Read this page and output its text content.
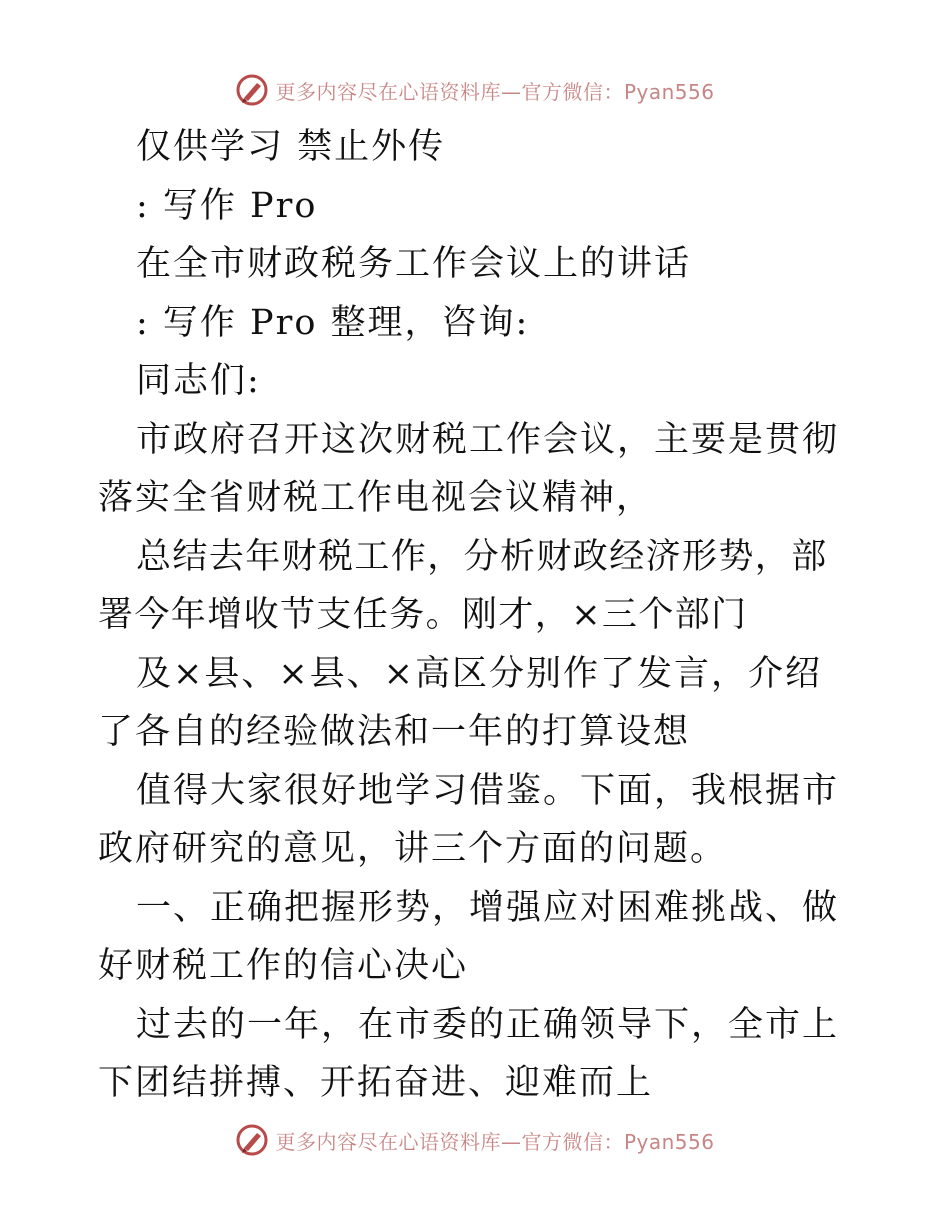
更多内容尽在心语资料库—官方微信：Pyan556

仅供学习 禁止外传

: 写作 Pro

在全市财政税务工作会议上的讲话

: 写作 Pro 整理，咨询:

同志们:

市政府召开这次财税工作会议，主要是贯彻落实全省财税工作电视会议精神，

总结去年财税工作，分析财政经济形势，部署今年增收节支任务。刚才，×三个部门

及×县、×县、×高区分别作了发言，介绍了各自的经验做法和一年的打算设想

值得大家很好地学习借鉴。下面，我根据市政府研究的意见，讲三个方面的问题。

一、正确把握形势，增强应对困难挑战、做好财税工作的信心决心

过去的一年，在市委的正确领导下，全市上下团结拼搏、开拓奋进、迎难而上

更多内容尽在心语资料库—官方微信：Pyan556
